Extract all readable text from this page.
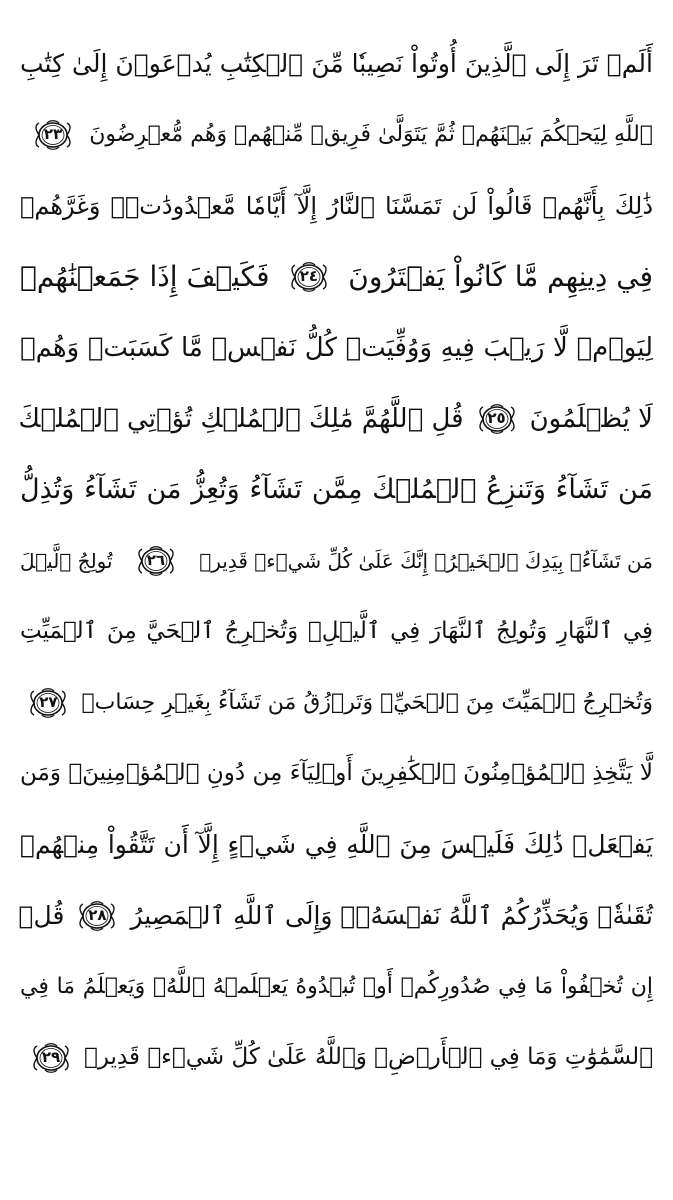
أَلَمۡ تَرَ إِلَى ٱلَّذِينَ أُوتُواْ نَصِيبٗا مِّنَ ٱلۡكِتَٰبِ يُدۡعَوۡنَ إِلَىٰ كِتَٰبِ
ٱللَّهِ لِيَحۡكُمَ بَيۡنَهُمۡ ثُمَّ يَتَوَلَّىٰ فَرِيقٞ مِّنۡهُمۡ وَهُم مُّعۡرِضُونَ
٢٣
ذَٰلِكَ بِأَنَّهُمۡ قَالُواْ لَن تَمَسَّنَا ٱلنَّارُ إِلَّآ أَيَّامٗا مَّعۡدُودَٰتٖۖ وَغَرَّهُمۡ
فِي دِينِهِم مَّا كَانُواْ يَفۡتَرُونَ
٢٤
فَكَيۡفَ إِذَا جَمَعۡنَٰهُمۡ
لِيَوۡمٖ لَّا رَيۡبَ فِيهِ وَوُفِّيَتۡ كُلُّ نَفۡسٖ مَّا كَسَبَتۡ وَهُمۡ
لَا يُظۡلَمُونَ
٢٥
قُلِ ٱللَّهُمَّ مَٰلِكَ ٱلۡمُلۡكِ تُؤۡتِي ٱلۡمُلۡكَ
مَن تَشَآءُ وَتَنزِعُ ٱلۡمُلۡكَ مِمَّن تَشَآءُ وَتُعِزُّ مَن تَشَآءُ وَتُذِلُّ
مَن تَشَآءُۖ بِيَدِكَ ٱلۡخَيۡرُۖ إِنَّكَ عَلَىٰ كُلِّ شَيۡءٖ قَدِيرٞ
٢٦
تُولِجُ ٱلَّيۡلَ
فِي ٱلنَّهَارِ وَتُولِجُ ٱلنَّهَارَ فِي ٱلَّيۡلِۖ وَتُخۡرِجُ ٱلۡحَيَّ مِنَ ٱلۡمَيِّتِ
وَتُخۡرِجُ ٱلۡمَيِّتَ مِنَ ٱلۡحَيِّۖ وَتَرۡزُقُ مَن تَشَآءُ بِغَيۡرِ حِسَابٖ
٢٧
لَّا يَتَّخِذِ ٱلۡمُؤۡمِنُونَ ٱلۡكَٰفِرِينَ أَوۡلِيَآءَ مِن دُونِ ٱلۡمُؤۡمِنِينَۖ وَمَن
يَفۡعَلۡ ذَٰلِكَ فَلَيۡسَ مِنَ ٱللَّهِ فِي شَيۡءٍ إِلَّآ أَن تَتَّقُواْ مِنۡهُمۡ
تُقَىٰةٗۗ وَيُحَذِّرُكُمُ ٱللَّهُ نَفۡسَهُۥۗ وَإِلَى ٱللَّهِ ٱلۡمَصِيرُ
٢٨
قُلۡ
إِن تُخۡفُواْ مَا فِي صُدُورِكُمۡ أَوۡ تُبۡدُوهُ يَعۡلَمۡهُ ٱللَّهُۗ وَيَعۡلَمُ مَا فِي
ٱلسَّمَٰوَٰتِ وَمَا فِي ٱلۡأَرۡضِۗ وَٱللَّهُ عَلَىٰ كُلِّ شَيۡءٖ قَدِيرٞ
٢٩
